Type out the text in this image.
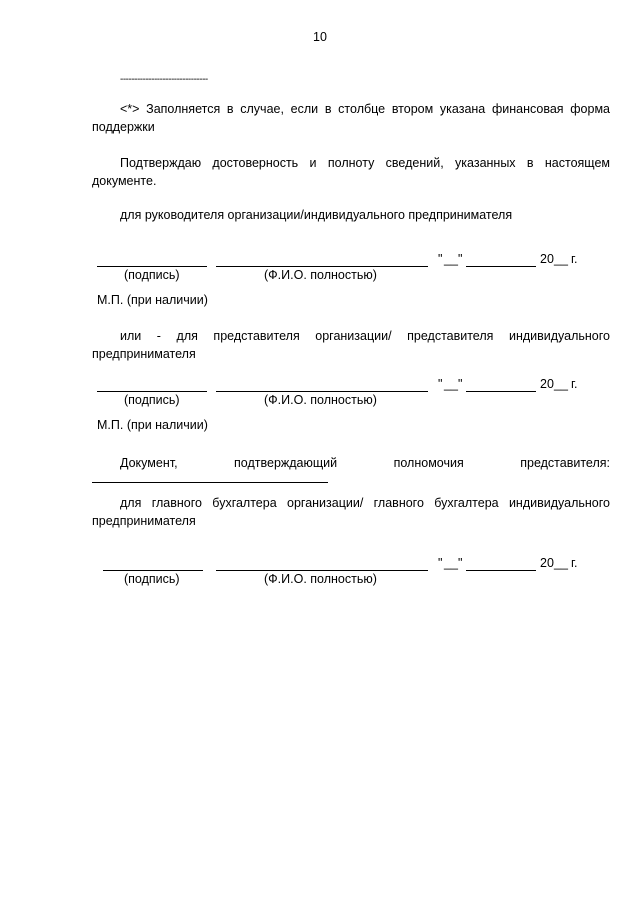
10
-------------------------------

<*> Заполняется в случае, если в столбце втором указана финансовая форма поддержки

Подтверждаю достоверность и полноту сведений, указанных в настоящем документе.

для руководителя организации/индивидуального предпринимателя

" __ "	20 __ г.
(подпись)	(Ф.И.О. полностью)
М.П. (при наличии)

или - для представителя организации/ представителя индивидуального предпринимателя

" __ "	20 __ г.
(подпись)	(Ф.И.О. полностью)
М.П. (при наличии)

Документ, подтверждающий полномочия представителя:

для главного бухгалтера организации/ главного бухгалтера индивидуального предпринимателя

" __ "	20 __ г.
(подпись)	(Ф.И.О. полностью)
